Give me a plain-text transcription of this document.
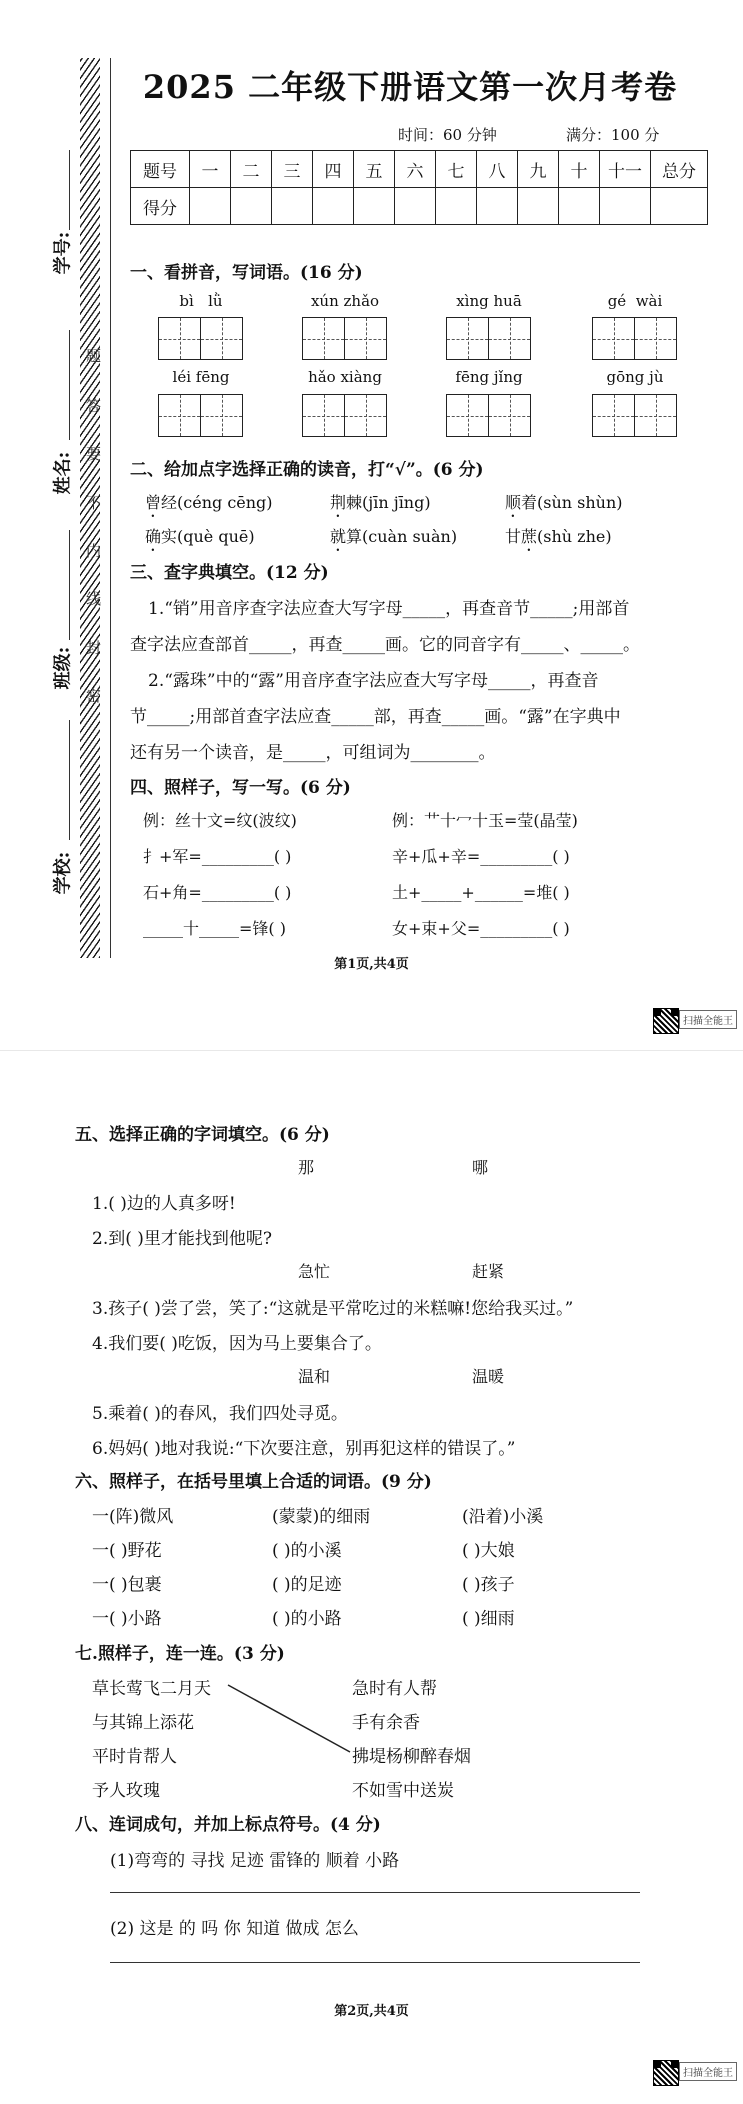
学号:
姓名:
班级:
学校:
题
答
要
不
内
线
封
密
2025 二年级下册语文第一次月考卷
时间：60 分钟	满分：100 分
题号	一	二	三	四	五	六	七	八	九	十	十一	总分
得分												
一、看拼音，写词语。(16 分)
bì   lǜ	xún zhǎo	xìng huā	gé  wài
léi fēng	hǎo xiàng	fēng jǐng	gōng jù
二、给加点字选择正确的读音，打“√”。(6 分)
曾经(céng cēng)	荆棘(jīn jīng)	顺着(sùn shùn)
确实(què quē)	就算(cuàn suàn)	甘蔗(shù zhe)
三、查字典填空。(12 分)
1.“销”用音序查字法应查大写字母_____，再查音节_____;用部首
查字法应查部首_____，再查_____画。它的同音字有_____、_____。
2.“露珠”中的“露”用音序查字法应查大写字母_____，再查音
节_____;用部首查字法应查_____部，再查_____画。“露”在字典中
还有另一个读音，是_____，可组词为________。
四、照样子，写一写。(6 分)
例：丝十文=纹(波纹)	例：艹十冖十玉=莹(晶莹)
扌+军=_________( )	辛+瓜+辛=_________( )
石+角=_________( )	土+_____+______=堆( )
_____十_____=锋( )	女+束+父=_________( )
第1页,共4页
扫描全能王
五、选择正确的字词填空。(6 分)
那	哪
1.( )边的人真多呀!
2.到( )里才能找到他呢?
急忙	赶紧
3.孩子( )尝了尝，笑了:“这就是平常吃过的米糕嘛!您给我买过。”
4.我们要( )吃饭，因为马上要集合了。
温和	温暖
5.乘着( )的春风，我们四处寻觅。
6.妈妈( )地对我说:“下次要注意，别再犯这样的错误了。”
六、照样子，在括号里填上合适的词语。(9 分)
一(阵)微风	(蒙蒙)的细雨	(沿着)小溪
一( )野花	( )的小溪	( )大娘
一( )包裹	( )的足迹	( )孩子
一( )小路	( )的小路	( )细雨
七.照样子，连一连。(3 分)
草长莺飞二月天
与其锦上添花
平时肯帮人
予人玫瑰
急时有人帮
手有余香
拂堤杨柳醉春烟
不如雪中送炭
八、连词成句，并加上标点符号。(4 分)
(1)弯弯的 寻找 足迹 雷锋的 顺着 小路
(2) 这是 的 吗 你 知道 做成 怎么
第2页,共4页
扫描全能王
